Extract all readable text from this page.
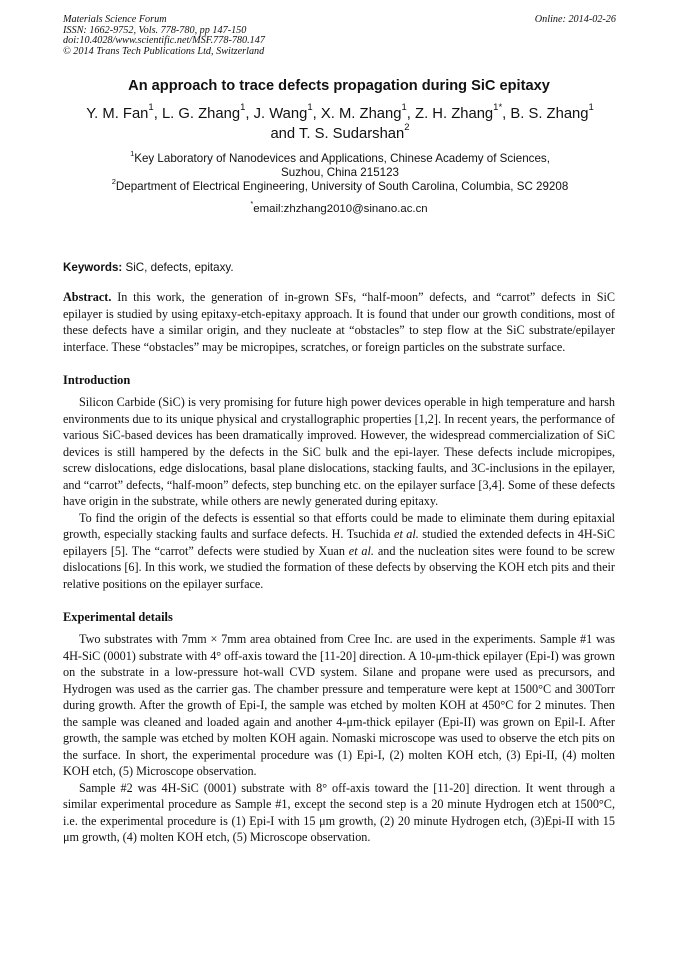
Materials Science Forum
ISSN: 1662-9752, Vols. 778-780, pp 147-150
doi:10.4028/www.scientific.net/MSF.778-780.147
© 2014 Trans Tech Publications Ltd, Switzerland
Online: 2014-02-26
An approach to trace defects propagation during SiC epitaxy
Y. M. Fan$^1$, L. G. Zhang$^1$, J. Wang$^1$, X. M. Zhang$^1$, Z. H. Zhang$^{1*}$, B. S. Zhang$^1$
and T. S. Sudarshan$^2$
$^1$Key Laboratory of Nanodevices and Applications, Chinese Academy of Sciences,
Suzhou, China 215123
$^2$Department of Electrical Engineering, University of South Carolina, Columbia, SC 29208
*email:zhzhang2010@sinano.ac.cn
Keywords: SiC, defects, epitaxy.

Abstract. In this work, the generation of in-grown SFs, “half-moon” defects, and “carrot” defects in SiC epilayer is studied by using epitaxy-etch-epitaxy approach. It is found that under our growth conditions, most of these defects have a similar origin, and they nucleate at “obstacles” to step flow at the SiC substrate/epilayer interface. These “obstacles” may be micropipes, scratches, or foreign particles on the substrate surface.

Introduction

Silicon Carbide (SiC) is very promising for future high power devices operable in high temperature and harsh environments due to its unique physical and crystallographic properties [1,2]. In recent years, the performance of various SiC-based devices has been dramatically improved. However, the widespread commercialization of SiC devices is still hampered by the defects in the SiC bulk and the epi-layer. These defects include micropipes, screw dislocations, edge dislocations, basal plane dislocations, stacking faults, and 3C-inclusions in the epilayer, and “carrot” defects, “half-moon” defects, step bunching etc. on the epilayer surface [3,4]. Some of these defects have origin in the substrate, while others are newly generated during epitaxy.

To find the origin of the defects is essential so that efforts could be made to eliminate them during epitaxial growth, especially stacking faults and surface defects. H. Tsuchida et al. studied the extended defects in 4H-SiC epilayers [5]. The “carrot” defects were studied by Xuan et al. and the nucleation sites were found to be screw dislocations [6]. In this work, we studied the formation of these defects by observing the KOH etch pits and their relative positions on the epilayer surface.

Experimental details

Two substrates with 7mm × 7mm area obtained from Cree Inc. are used in the experiments. Sample #1 was 4H-SiC (0001) substrate with 4° off-axis toward the [11-20] direction. A 10-μm-thick epilayer (Epi-I) was grown on the substrate in a low-pressure hot-wall CVD system. Silane and propane were used as precursors, and Hydrogen was used as the carrier gas. The chamber pressure and temperature were kept at 1500°C and 300Torr during growth. After the growth of Epi-I, the sample was etched by molten KOH at 450°C for 2 minutes. Then the sample was cleaned and loaded again and another 4-μm-thick epilayer (Epi-II) was grown on Epil-I. After growth, the sample was etched by molten KOH again. Nomaski microscope was used to observe the etch pits on the surface. In short, the experimental procedure was (1) Epi-I, (2) molten KOH etch, (3) Epi-II, (4) molten KOH etch, (5) Microscope observation.

Sample #2 was 4H-SiC (0001) substrate with 8° off-axis toward the [11-20] direction. It went through a similar experimental procedure as Sample #1, except the second step is a 20 minute Hydrogen etch at 1500°C, i.e. the experimental procedure is (1) Epi-I with 15 μm growth, (2) 20 minute Hydrogen etch, (3)Epi-II with 15 μm growth, (4) molten KOH etch, (5) Microscope observation.
